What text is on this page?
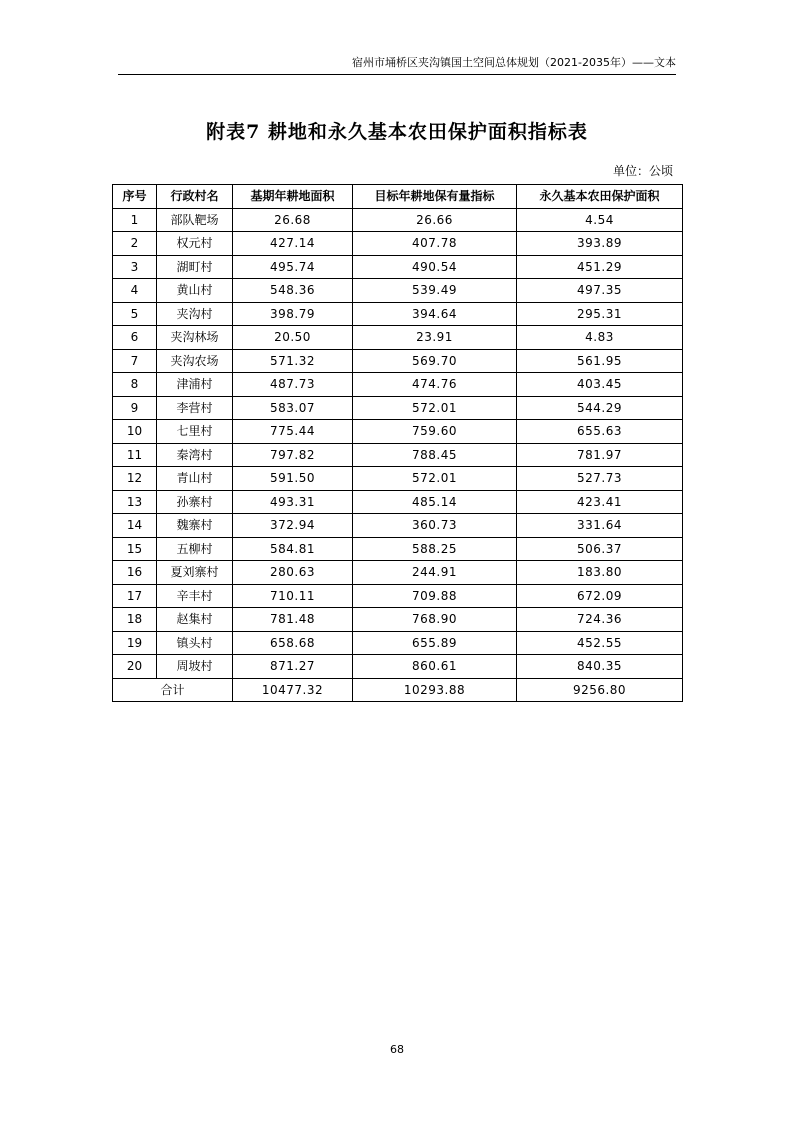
宿州市埇桥区夹沟镇国土空间总体规划（2021-2035年）——文本
附表7 耕地和永久基本农田保护面积指标表
单位：公顷
序号	行政村名	基期年耕地面积	目标年耕地保有量指标	永久基本农田保护面积
1	部队靶场	26.68	26.66	4.54
2	权元村	427.14	407.78	393.89
3	湖町村	495.74	490.54	451.29
4	黄山村	548.36	539.49	497.35
5	夹沟村	398.79	394.64	295.31
6	夹沟林场	20.50	23.91	4.83
7	夹沟农场	571.32	569.70	561.95
8	津浦村	487.73	474.76	403.45
9	李营村	583.07	572.01	544.29
10	七里村	775.44	759.60	655.63
11	秦湾村	797.82	788.45	781.97
12	青山村	591.50	572.01	527.73
13	孙寨村	493.31	485.14	423.41
14	魏寨村	372.94	360.73	331.64
15	五柳村	584.81	588.25	506.37
16	夏刘寨村	280.63	244.91	183.80
17	辛丰村	710.11	709.88	672.09
18	赵集村	781.48	768.90	724.36
19	镇头村	658.68	655.89	452.55
20	周坡村	871.27	860.61	840.35
合计		10477.32	10293.88	9256.80
68
